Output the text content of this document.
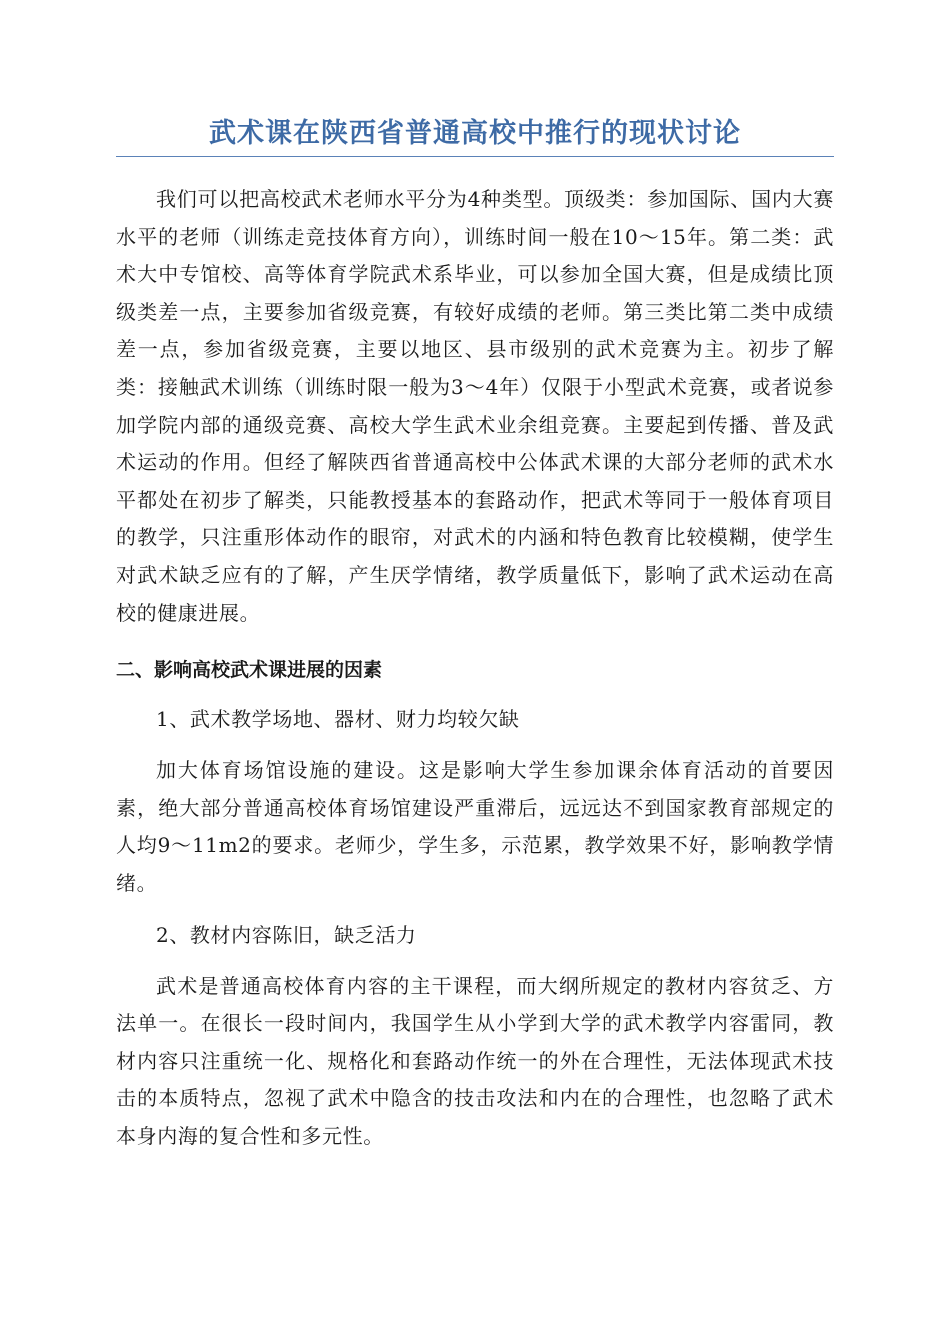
武术课在陕西省普通高校中推行的现状讨论

我们可以把高校武术老师水平分为4种类型。顶级类：参加国际、国内大赛水平的老师（训练走竞技体育方向），训练时间一般在10～15年。第二类：武术大中专馆校、高等体育学院武术系毕业，可以参加全国大赛，但是成绩比顶级类差一点，主要参加省级竞赛，有较好成绩的老师。第三类比第二类中成绩差一点，参加省级竞赛，主要以地区、县市级别的武术竞赛为主。初步了解类：接触武术训练（训练时限一般为3～4年）仅限于小型武术竞赛，或者说参加学院内部的通级竞赛、高校大学生武术业余组竞赛。主要起到传播、普及武术运动的作用。但经了解陕西省普通高校中公体武术课的大部分老师的武术水平都处在初步了解类，只能教授基本的套路动作，把武术等同于一般体育项目的教学，只注重形体动作的眼帘，对武术的内涵和特色教育比较模糊，使学生对武术缺乏应有的了解，产生厌学情绪，教学质量低下，影响了武术运动在高校的健康进展。

二、影响高校武术课进展的因素
1、武术教学场地、器材、财力均较欠缺

加大体育场馆设施的建设。这是影响大学生参加课余体育活动的首要因素，绝大部分普通高校体育场馆建设严重滞后，远远达不到国家教育部规定的人均9～11m2的要求。老师少，学生多，示范累，教学效果不好，影响教学情绪。

2、教材内容陈旧，缺乏活力

武术是普通高校体育内容的主干课程，而大纲所规定的教材内容贫乏、方法单一。在很长一段时间内，我国学生从小学到大学的武术教学内容雷同，教材内容只注重统一化、规格化和套路动作统一的外在合理性，无法体现武术技击的本质特点，忽视了武术中隐含的技击攻法和内在的合理性，也忽略了武术本身内海的复合性和多元性。
